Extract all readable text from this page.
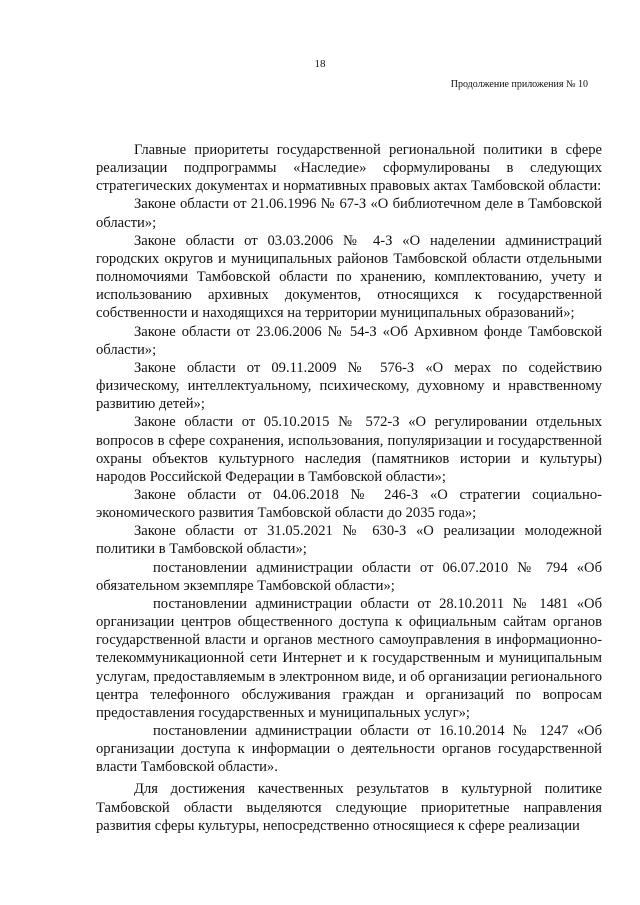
18
Продолжение приложения № 10

Главные приоритеты государственной региональной политики в сфере реализации подпрограммы «Наследие» сформулированы в следующих стратегических документах и нормативных правовых актах Тамбовской области:

Законе области от 21.06.1996 № 67-З «О библиотечном деле в Тамбовской области»;

Законе области от 03.03.2006 № 4-З «О наделении администраций городских округов и муниципальных районов Тамбовской области отдельными полномочиями Тамбовской области по хранению, комплектованию, учету и использованию архивных документов, относящихся к государственной собственности и находящихся на территории муниципальных образований»;

Законе области от 23.06.2006 № 54-З «Об Архивном фонде Тамбовской области»;

Законе области от 09.11.2009 № 576-З «О мерах по содействию физическому, интеллектуальному, психическому, духовному и нравственному развитию детей»;

Законе области от 05.10.2015 № 572-З «О регулировании отдельных вопросов в сфере сохранения, использования, популяризации и государственной охраны объектов культурного наследия (памятников истории и культуры) народов Российской Федерации в Тамбовской области»;

Законе области от 04.06.2018 № 246-З «О стратегии социально-экономического развития Тамбовской области до 2035 года»;

Законе области от 31.05.2021 № 630-З «О реализации молодежной политики в Тамбовской области»;

постановлении администрации области от 06.07.2010 № 794 «Об обязательном экземпляре Тамбовской области»;

постановлении администрации области от 28.10.2011 № 1481 «Об организации центров общественного доступа к официальным сайтам органов государственной власти и органов местного самоуправления в информационно-телекоммуникационной сети Интернет и к государственным и муниципальным услугам, предоставляемым в электронном виде, и об организации регионального центра телефонного обслуживания граждан и организаций по вопросам предоставления государственных и муниципальных услуг»;

постановлении администрации области от 16.10.2014 № 1247 «Об организации доступа к информации о деятельности органов государственной власти Тамбовской области».

Для достижения качественных результатов в культурной политике Тамбовской области выделяются следующие приоритетные направления развития сферы культуры, непосредственно относящиеся к сфере реализации
